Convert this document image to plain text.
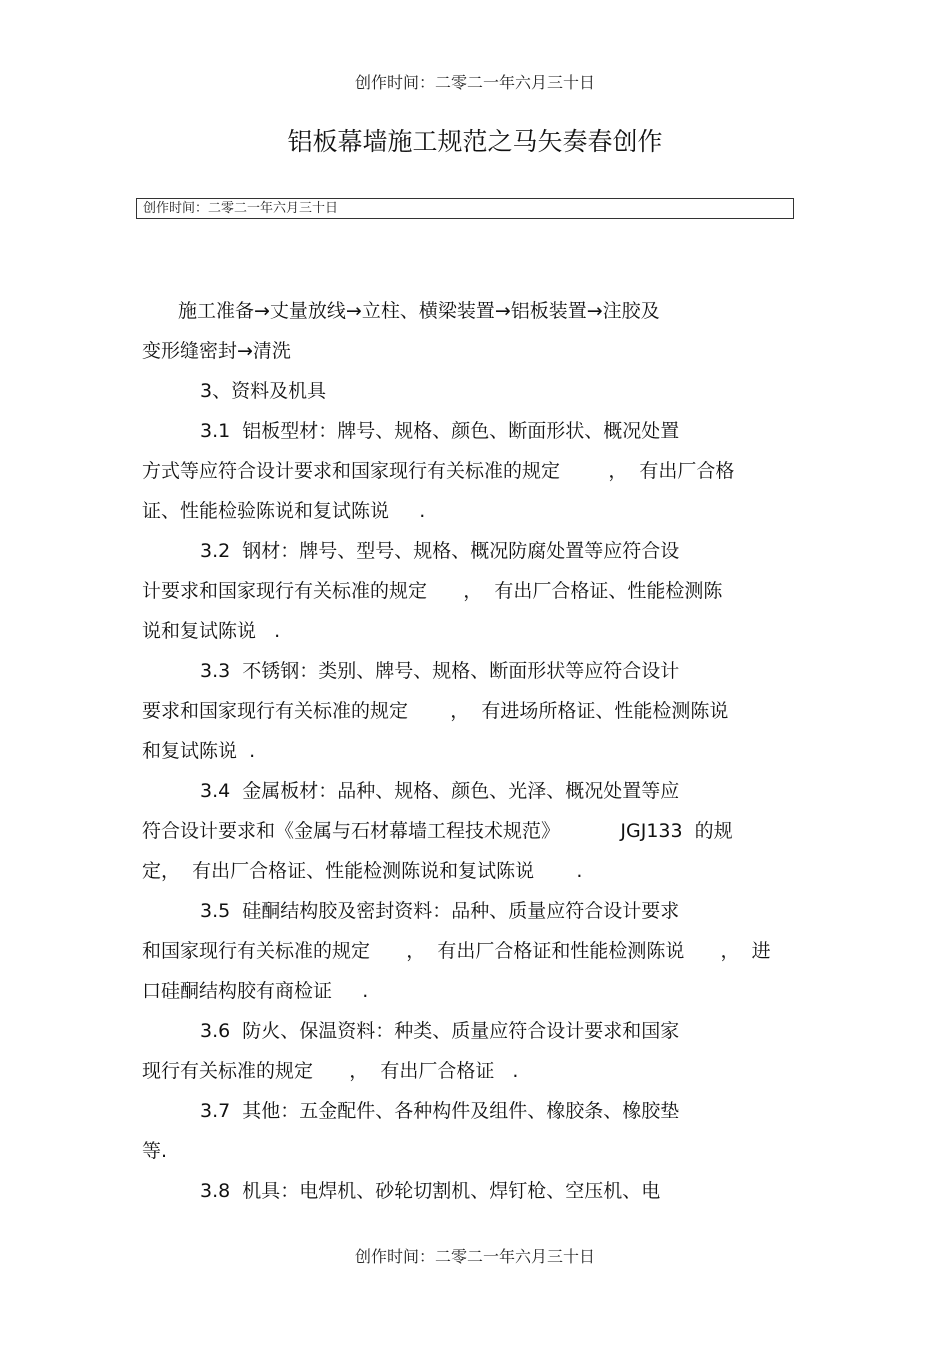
创作时间：二零二一年六月三十日
铝板幕墙施工规范之马矢奏春创作
创作时间：二零二一年六月三十日
施工准备→丈量放线→立柱、横梁装置→铝板装置→注胶及
变形缝密封→清洗
3、资料及机具
3.1  铝板型材：牌号、规格、颜色、断面形状、概况处置
方式等应符合设计要求和国家现行有关标准的规定        ，  有出厂合格
证、性能检验陈说和复试陈说     .
3.2  钢材：牌号、型号、规格、概况防腐处置等应符合设
计要求和国家现行有关标准的规定      ，  有出厂合格证、性能检测陈
说和复试陈说   .
3.3  不锈钢：类别、牌号、规格、断面形状等应符合设计
要求和国家现行有关标准的规定       ，  有进场所格证、性能检测陈说
和复试陈说  .
3.4  金属板材：品种、规格、颜色、光泽、概况处置等应
符合设计要求和《金属与石材幕墙工程技术规范》          JGJ133  的规
定，  有出厂合格证、性能检测陈说和复试陈说       .
3.5  硅酮结构胶及密封资料：品种、质量应符合设计要求
和国家现行有关标准的规定      ，  有出厂合格证和性能检测陈说      ，  进
口硅酮结构胶有商检证     .
3.6  防火、保温资料：种类、质量应符合设计要求和国家
现行有关标准的规定      ，  有出厂合格证   .
3.7  其他：五金配件、各种构件及组件、橡胶条、橡胶垫
等.
3.8  机具：电焊机、砂轮切割机、焊钉枪、空压机、电
创作时间：二零二一年六月三十日
